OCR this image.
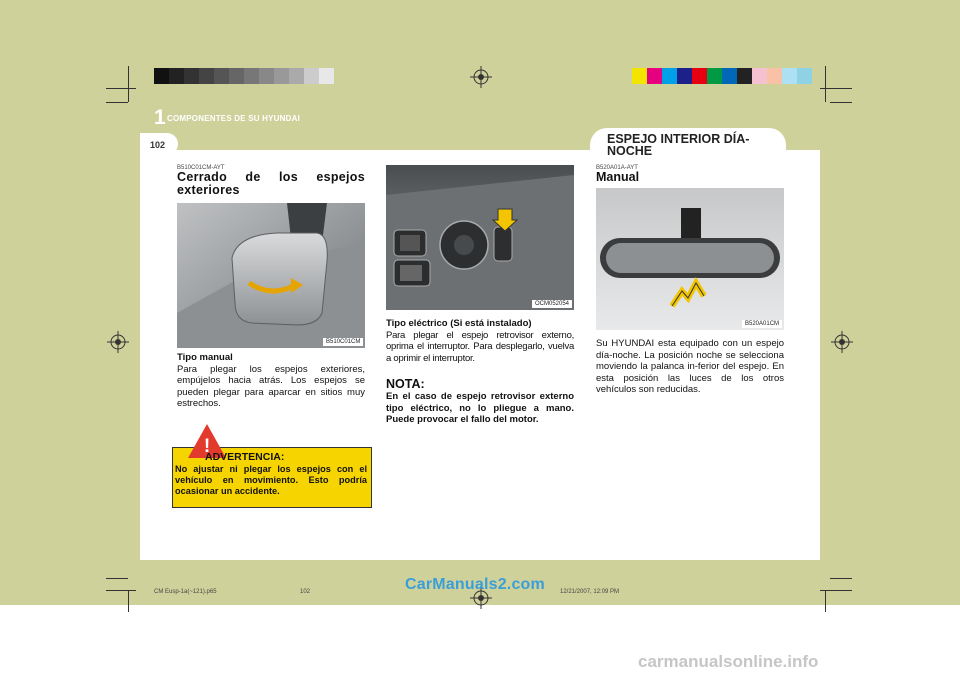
1 COMPONENTES DE SU HYUNDAI
102	ESPEJO INTERIOR DÍA-NOCHE
B510C01CM-AYT
Cerrado de los espejos exteriores
B510C01CM
Tipo manual
Para plegar los espejos exteriores, empújelos hacia atrás. Los espejos se pueden plegar para aparcar en sitios muy estrechos.
!
ADVERTENCIA:
No ajustar ni plegar los espejos con el vehículo en movimiento. Esto podría ocasionar un accidente.
OCM052054
Tipo eléctrico (Si está instalado)
Para plegar el espejo retrovisor externo, oprima el interruptor. Para desplegarlo, vuelva a oprimir el interruptor.
NOTA:
En el caso de espejo retrovisor externo tipo eléctrico, no lo pliegue a mano. Puede provocar el fallo del motor.
B520A01A-AYT
Manual
B520A01CM
Su HYUNDAI esta equipado con un espejo día-noche. La posición noche se selecciona moviendo la palanca in-ferior del espejo. En esta posición las luces de los otros vehículos son reducidas.
CM Eusp-1a(~121).p65	102	12/21/2007, 12:09 PM
CarManuals2.com
carmanualsonline.info
